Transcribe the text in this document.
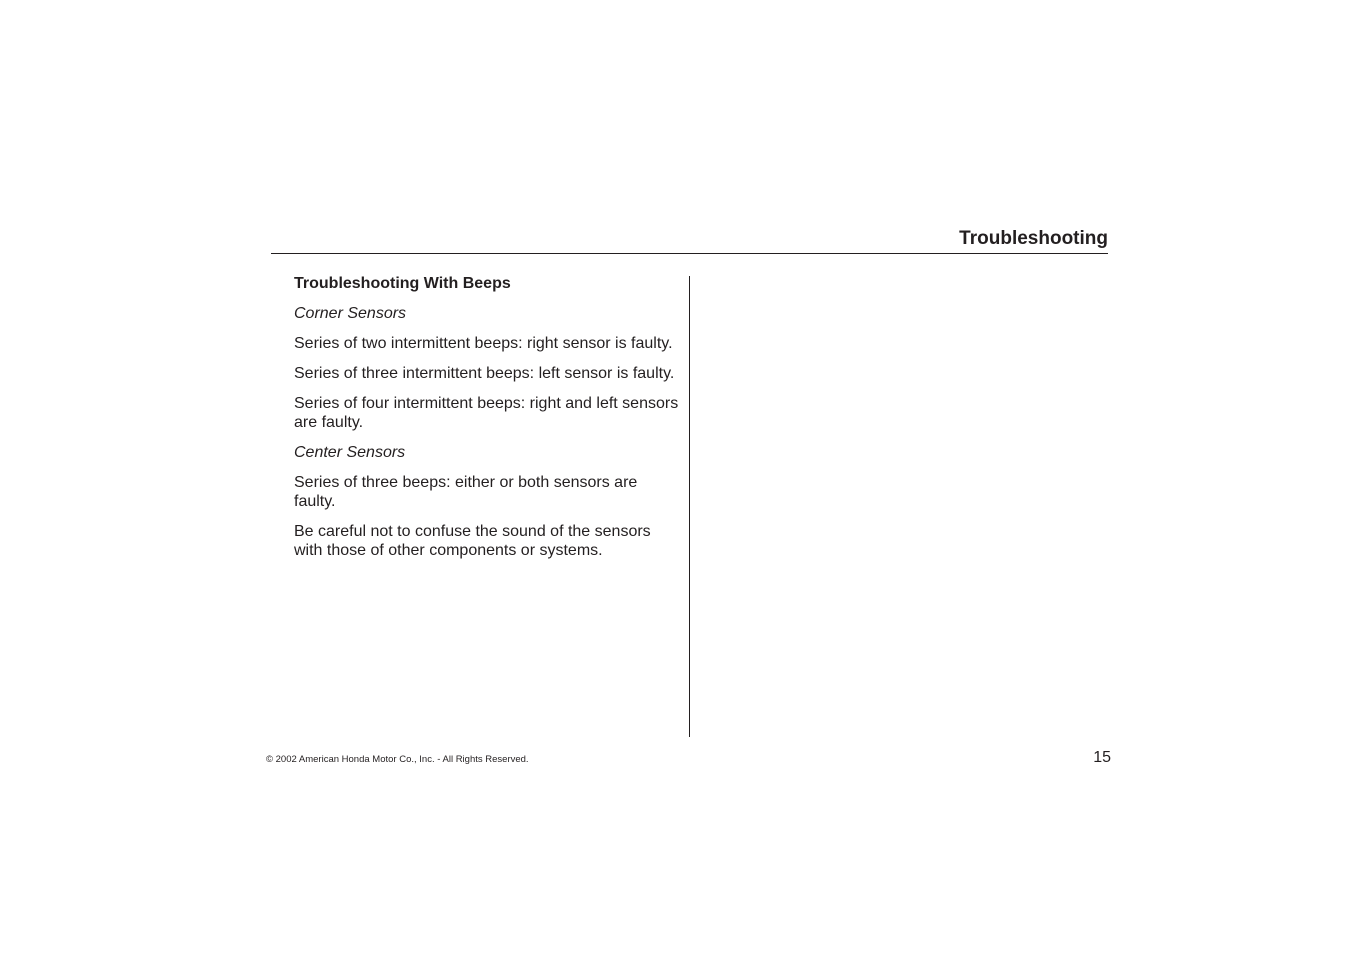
Troubleshooting
Troubleshooting With Beeps
Corner Sensors
Series of two intermittent beeps: right sensor is faulty.
Series of three intermittent beeps: left sensor is faulty.
Series of four intermittent beeps: right and left sensors are faulty.
Center Sensors
Series of three beeps: either or both sensors are faulty.
Be careful not to confuse the sound of the sensors with those of other components or systems.
© 2002 American Honda Motor Co., Inc. - All Rights Reserved.	15
